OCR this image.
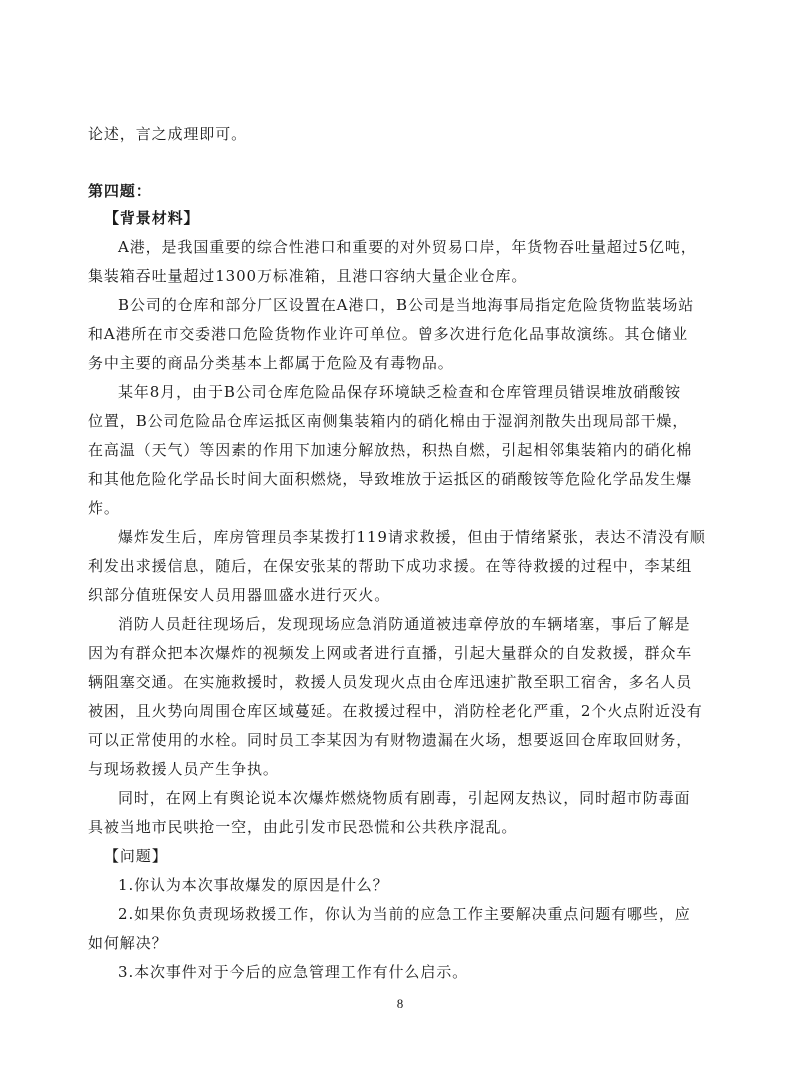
论述，言之成理即可。
第四题：
【背景材料】
A港，是我国重要的综合性港口和重要的对外贸易口岸，年货物吞吐量超过5亿吨，
集装箱吞吐量超过1300万标准箱，且港口容纳大量企业仓库。
B公司的仓库和部分厂区设置在A港口，B公司是当地海事局指定危险货物监装场站
和A港所在市交委港口危险货物作业许可单位。曾多次进行危化品事故演练。其仓储业
务中主要的商品分类基本上都属于危险及有毒物品。
某年8月，由于B公司仓库危险品保存环境缺乏检查和仓库管理员错误堆放硝酸铵
位置，B公司危险品仓库运抵区南侧集装箱内的硝化棉由于湿润剂散失出现局部干燥，
在高温（天气）等因素的作用下加速分解放热，积热自燃，引起相邻集装箱内的硝化棉
和其他危险化学品长时间大面积燃烧，导致堆放于运抵区的硝酸铵等危险化学品发生爆
炸。
爆炸发生后，库房管理员李某拨打119请求救援，但由于情绪紧张，表达不清没有顺
利发出求援信息，随后，在保安张某的帮助下成功求援。在等待救援的过程中，李某组
织部分值班保安人员用器皿盛水进行灭火。
消防人员赶往现场后，发现现场应急消防通道被违章停放的车辆堵塞，事后了解是
因为有群众把本次爆炸的视频发上网或者进行直播，引起大量群众的自发救援，群众车
辆阻塞交通。在实施救援时，救援人员发现火点由仓库迅速扩散至职工宿舍，多名人员
被困，且火势向周围仓库区域蔓延。在救援过程中，消防栓老化严重，2个火点附近没有
可以正常使用的水栓。同时员工李某因为有财物遗漏在火场，想要返回仓库取回财务，
与现场救援人员产生争执。
同时，在网上有舆论说本次爆炸燃烧物质有剧毒，引起网友热议，同时超市防毒面
具被当地市民哄抢一空，由此引发市民恐慌和公共秩序混乱。
【问题】
1.你认为本次事故爆发的原因是什么？
2.如果你负责现场救援工作，你认为当前的应急工作主要解决重点问题有哪些，应
如何解决？
3.本次事件对于今后的应急管理工作有什么启示。
8
